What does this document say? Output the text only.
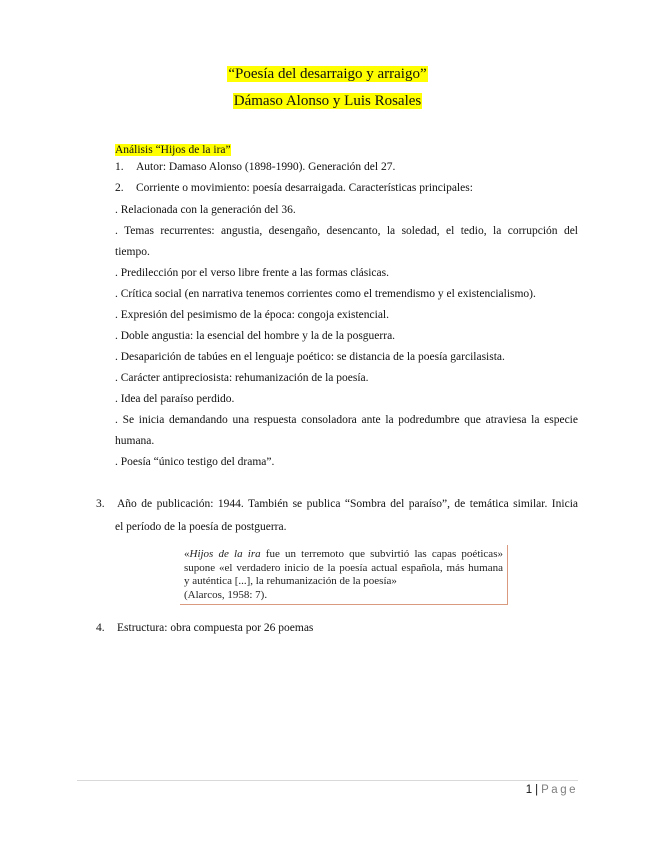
“Poesía del desarraigo y arraigo”
Dámaso Alonso y Luis Rosales
Análisis “Hijos de la ira”
1. Autor: Damaso Alonso (1898-1990). Generación del 27.
2. Corriente o movimiento: poesía desarraigada. Características principales:
. Relacionada con la generación del 36.
. Temas recurrentes: angustia, desengaño, desencanto, la soledad, el tedio, la corrupción del
tiempo.
. Predilección por el verso libre frente a las formas clásicas.
. Crítica social (en narrativa tenemos corrientes como el tremendismo y el existencialismo).
. Expresión del pesimismo de la época: congoja existencial.
. Doble angustia: la esencial del hombre y la de la posguerra.
. Desaparición de tabúes en el lenguaje poético: se distancia de la poesía garcilasista.
. Carácter antipreciosista: rehumanización de la poesía.
. Idea del paraíso perdido.
. Se inicia demandando una respuesta consoladora ante la podredumbre que atraviesa la especie
humana.
. Poesía “único testigo del drama”.
3. Año de publicación: 1944. También se publica “Sombra del paraíso”, de temática similar. Inicia
el período de la poesía de postguerra.
«Hijos de la ira fue un terremoto que subvirtió las capas poéticas»
supone «el verdadero inicio de la poesía actual española, más humana
y auténtica [...], la rehumanización de la poesía»
(Alarcos, 1958: 7).
4. Estructura: obra compuesta por 26 poemas
1 | Page
